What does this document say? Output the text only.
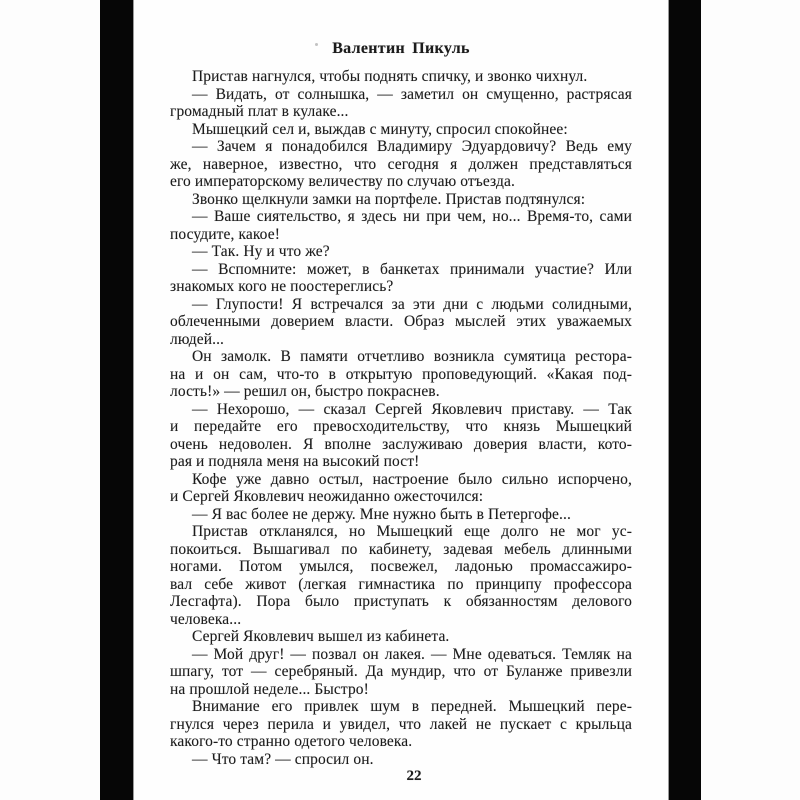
Валентин Пикуль
Пристав нагнулся, чтобы поднять спичку, и звонко чихнул.
— Видать, от солнышка, — заметил он смущенно, растрясая
громадный плат в кулаке...
Мышецкий сел и, выждав с минуту, спросил спокойнее:
— Зачем я понадобился Владимиру Эдуардовичу? Ведь ему
же, наверное, известно, что сегодня я должен представляться
его императорскому величеству по случаю отъезда.
Звонко щелкнули замки на портфеле. Пристав подтянулся:
— Ваше сиятельство, я здесь ни при чем, но... Время-то, сами
посудите, какое!
— Так. Ну и что же?
— Вспомните: может, в банкетах принимали участие? Или
знакомых кого не поостереглись?
— Глупости! Я встречался за эти дни с людьми солидными,
облеченными доверием власти. Образ мыслей этих уважаемых
людей...
Он замолк. В памяти отчетливо возникла сумятица рестора-
на и он сам, что-то в открытую проповедующий. «Какая под-
лость!» — решил он, быстро покраснев.
— Нехорошо, — сказал Сергей Яковлевич приставу. — Так
и передайте его превосходительству, что князь Мышецкий
очень недоволен. Я вполне заслуживаю доверия власти, кото-
рая и подняла меня на высокий пост!
Кофе уже давно остыл, настроение было сильно испорчено,
и Сергей Яковлевич неожиданно ожесточился:
— Я вас более не держу. Мне нужно быть в Петергофе...
Пристав откланялся, но Мышецкий еще долго не мог ус-
покоиться. Вышагивал по кабинету, задевая мебель длинными
ногами. Потом умылся, посвежел, ладонью промассажиро-
вал себе живот (легкая гимнастика по принципу профессора
Лесгафта). Пора было приступать к обязанностям делового
человека...
Сергей Яковлевич вышел из кабинета.
— Мой друг! — позвал он лакея. — Мне одеваться. Темляк на
шпагу, тот — серебряный. Да мундир, что от Буланже привезли
на прошлой неделе... Быстро!
Внимание его привлек шум в передней. Мышецкий пере-
гнулся через перила и увидел, что лакей не пускает с крыльца
какого-то странно одетого человека.
— Что там? — спросил он.
22
